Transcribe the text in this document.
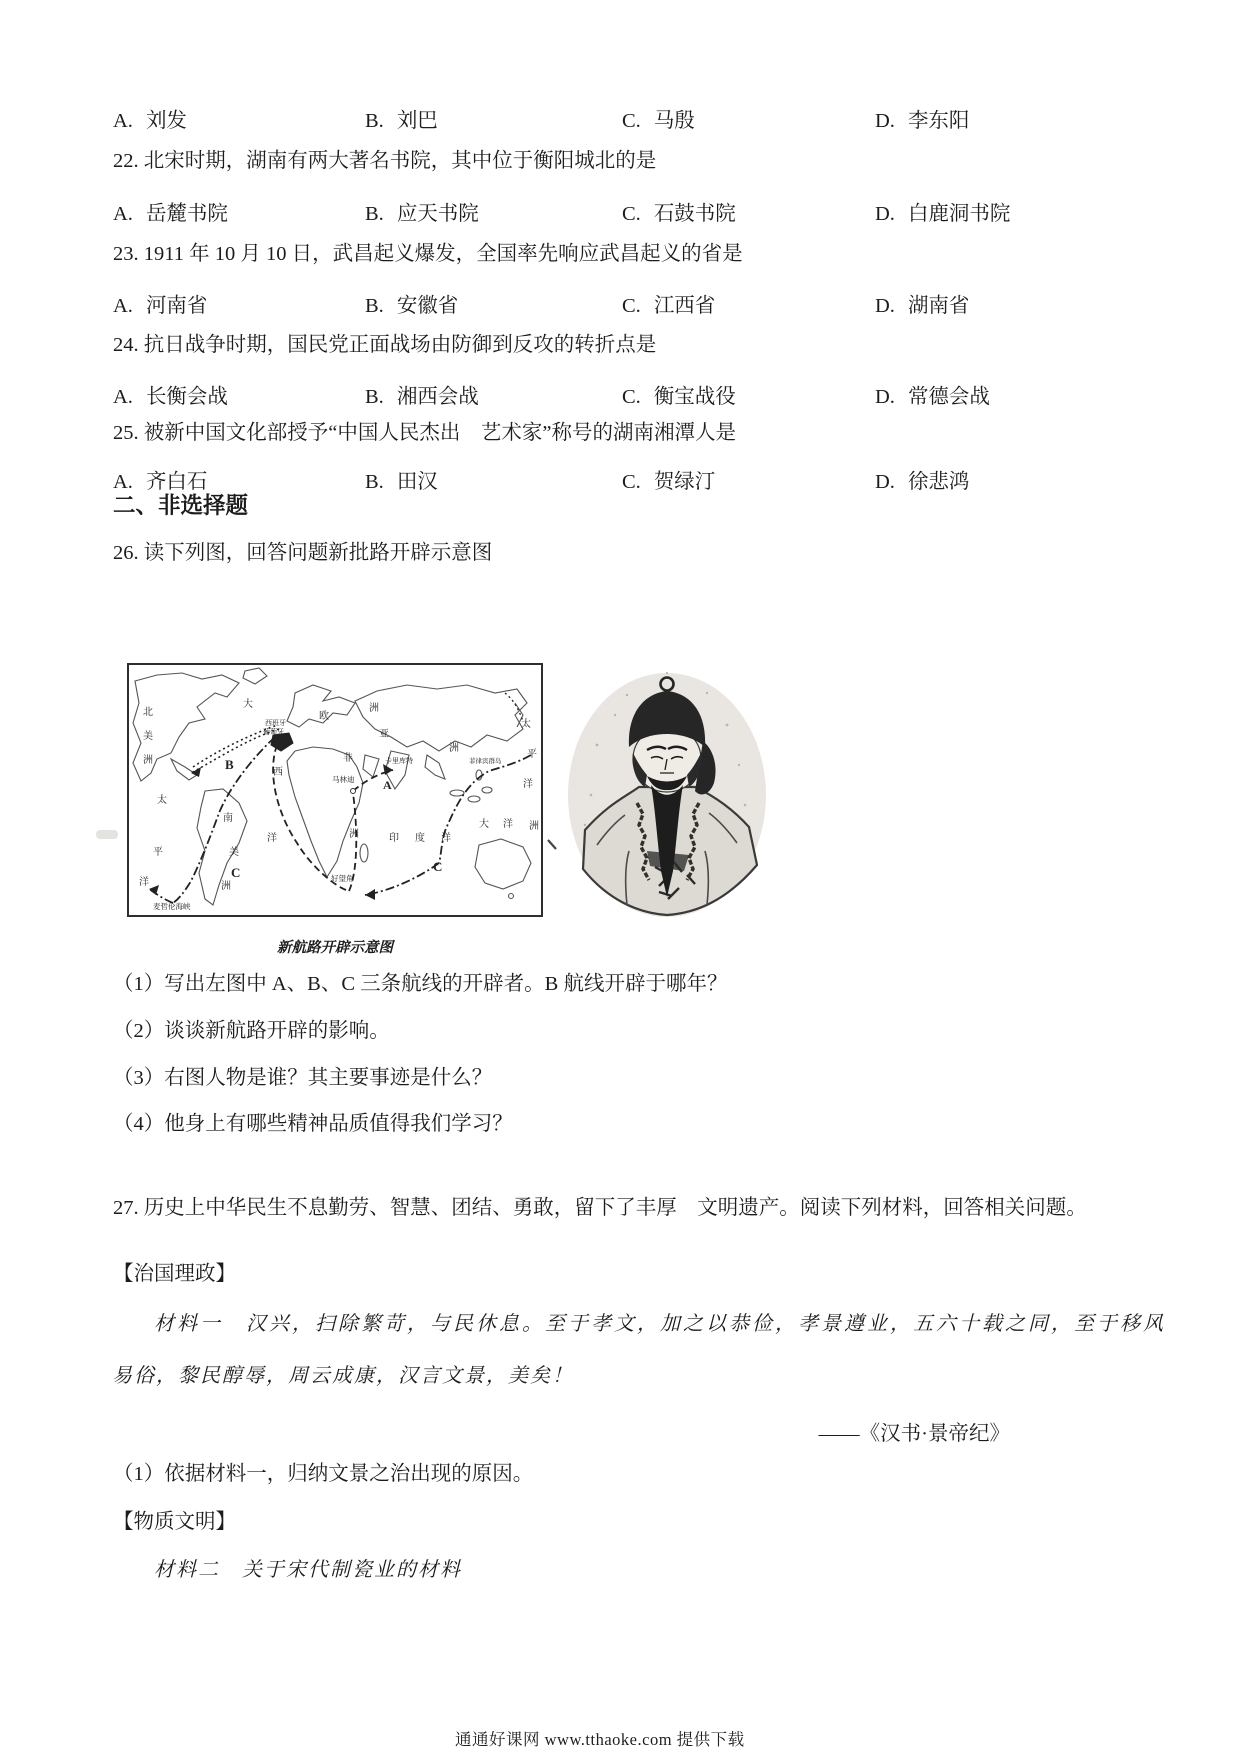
A. 刘发	B. 刘巴	C. 马殷	D. 李东阳
22. 北宋时期，湖南有两大著名书院，其中位于衡阳城北的是
A. 岳麓书院	B. 应天书院	C. 石鼓书院	D. 白鹿洞书院
23. 1911 年 10 月 10 日，武昌起义爆发，全国率先响应武昌起义的省是
A. 河南省	B. 安徽省	C. 江西省	D. 湖南省
24. 抗日战争时期，国民党正面战场由防御到反攻的转折点是
A. 长衡会战	B. 湘西会战	C. 衡宝战役	D. 常德会战
25. 被新中国文化部授予“中国人民杰出　艺术家”称号的湖南湘潭人是
A. 齐白石	B. 田汉	C. 贺绿汀	D. 徐悲鸿
二、非选择题
26. 读下列图，回答问题新批路开辟示意图
北
美
洲
太
平
洋
大
西
洋
B
西班牙
葡萄牙
欧
洲
亚
洲
非
洲
卡里库特
马林迪 A
菲律宾群岛
太
平
洋
印 度 洋
大 洋 洲
C	C
好望角
南
美
洲
麦哲伦海峡
新航路开辟示意图
（1）写出左图中 A、B、C 三条航线的开辟者。B 航线开辟于哪年？
（2）谈谈新航路开辟的影响。
（3）右图人物是谁？其主要事迹是什么？
（4）他身上有哪些精神品质值得我们学习？
27. 历史上中华民生不息勤劳、智慧、团结、勇敢，留下了丰厚　文明遗产。阅读下列材料，回答相关问题。
【治国理政】
材料一　汉兴，扫除繁苛，与民休息。至于孝文，加之以恭俭，孝景遵业，五六十载之同，至于移风
易俗，黎民醇辱，周云成康，汉言文景，美矣！
——《汉书·景帝纪》
（1）依据材料一，归纳文景之治出现的原因。
【物质文明】
材料二　关于宋代制瓷业的材料
通通好课网 www.tthaoke.com 提供下载
